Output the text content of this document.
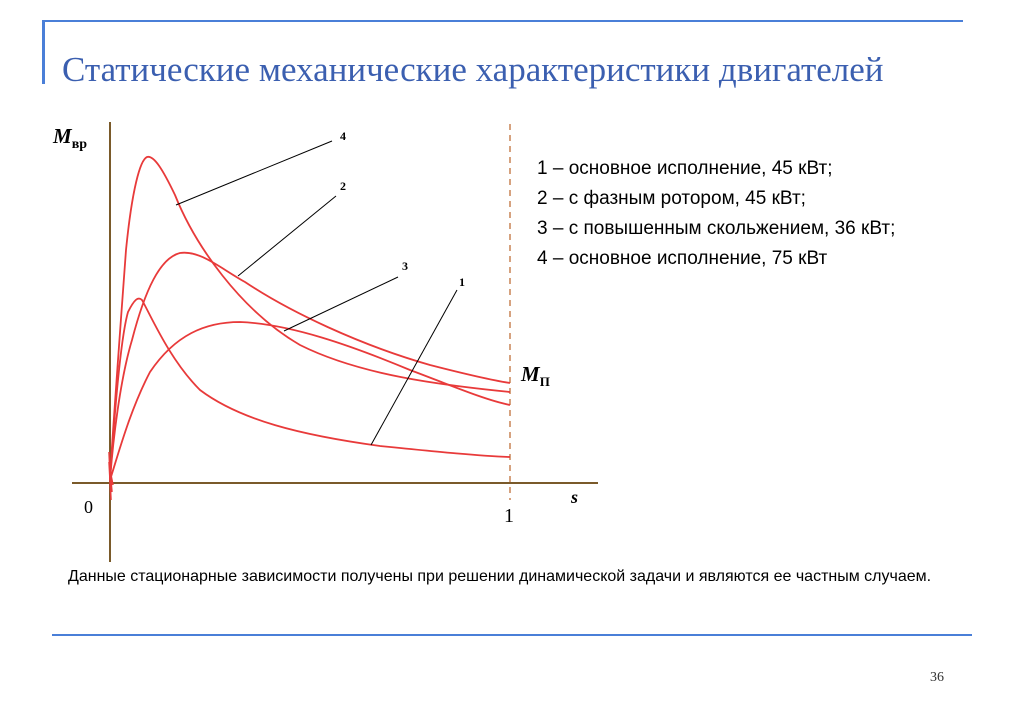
Статические механические характеристики двигателей
$M_{вр}$
$M_П$
s
0	1
4
2
3
1
1 – основное исполнение, 45 кВт;
2 – с фазным ротором, 45 кВт;
3 – с повышенным скольжением, 36 кВт;
4 – основное исполнение, 75 кВт
Данные стационарные зависимости получены при решении динамической задачи и являются ее частным случаем.
36
